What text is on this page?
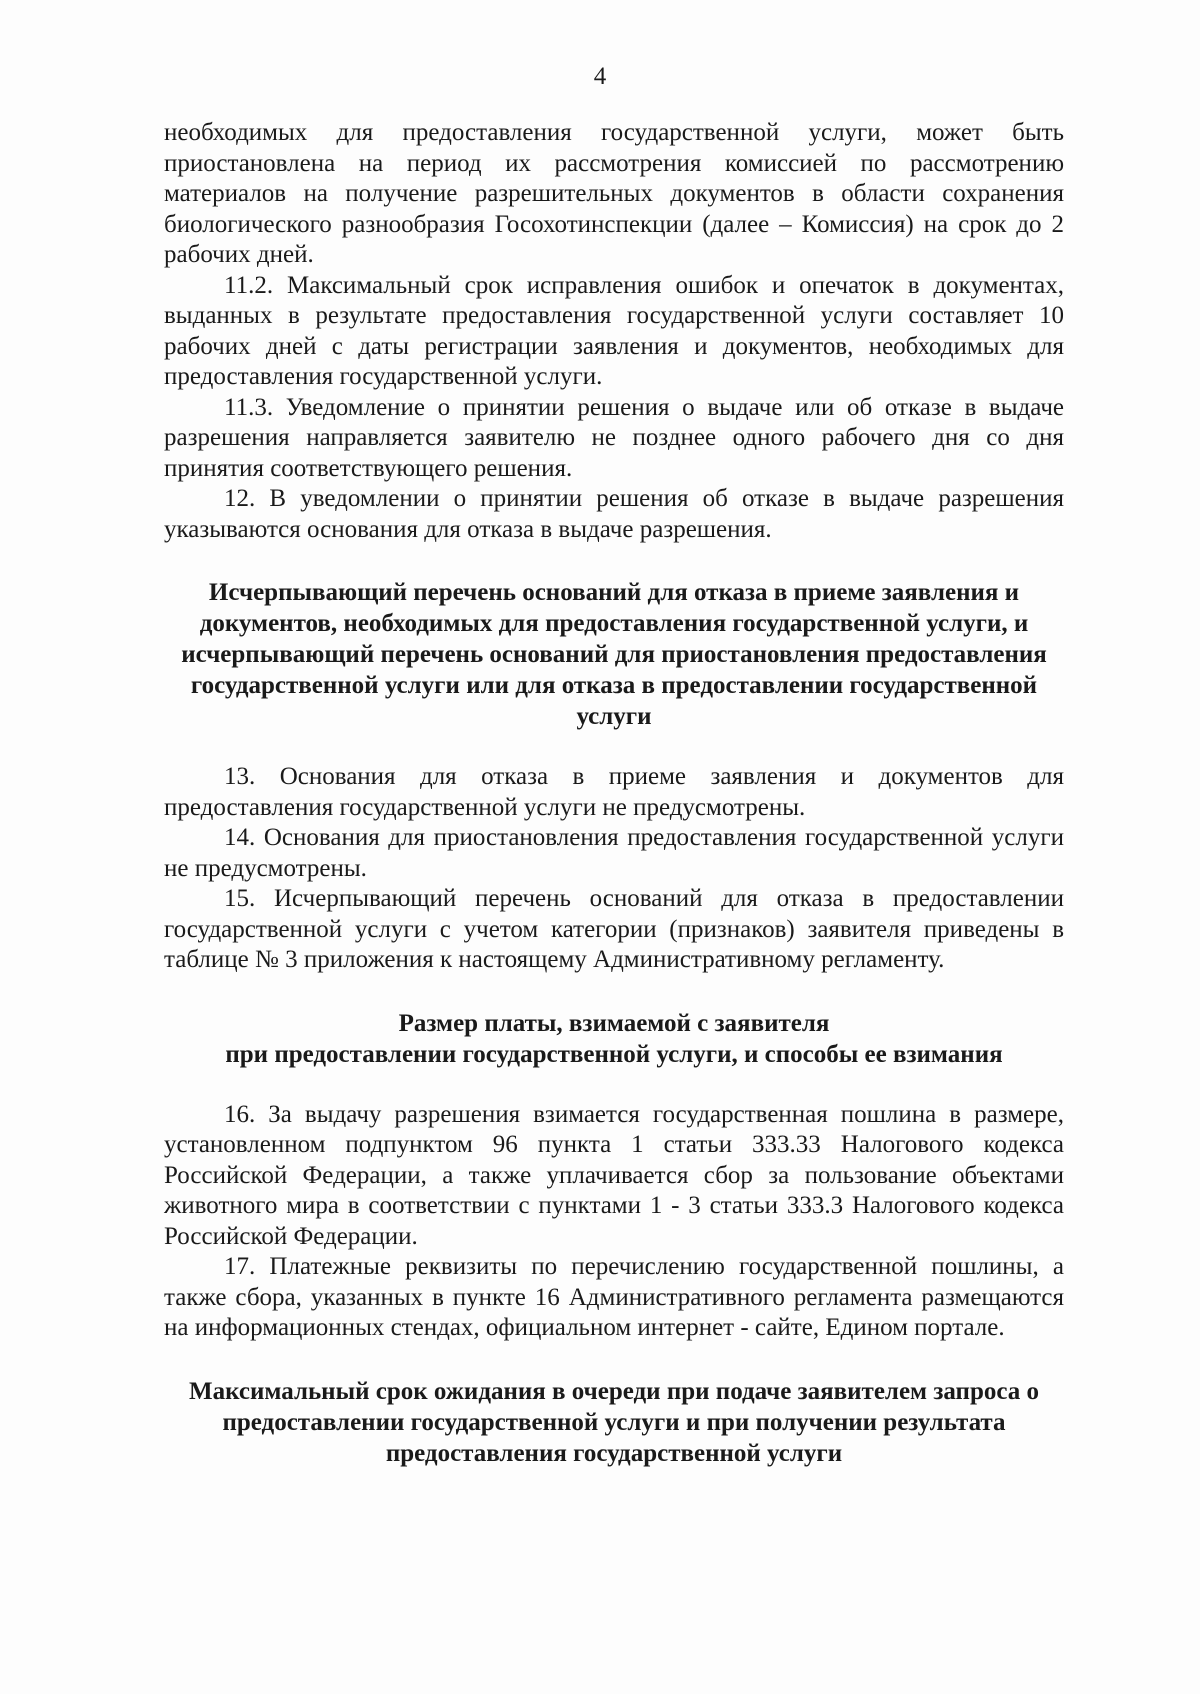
4

необходимых для предоставления государственной услуги, может быть приостановлена на период их рассмотрения комиссией по рассмотрению материалов на получение разрешительных документов в области сохранения биологического разнообразия Госохотинспекции (далее – Комиссия) на срок до 2 рабочих дней.

11.2. Максимальный срок исправления ошибок и опечаток в документах, выданных в результате предоставления государственной услуги составляет 10 рабочих дней с даты регистрации заявления и документов, необходимых для предоставления государственной услуги.

11.3. Уведомление о принятии решения о выдаче или об отказе в выдаче разрешения направляется заявителю не позднее одного рабочего дня со дня принятия соответствующего решения.

12. В уведомлении о принятии решения об отказе в выдаче разрешения указываются основания для отказа в выдаче разрешения.

Исчерпывающий перечень оснований для отказа в приеме заявления и документов, необходимых для предоставления государственной услуги, и исчерпывающий перечень оснований для приостановления предоставления государственной услуги или для отказа в предоставлении государственной услуги

13. Основания для отказа в приеме заявления и документов для предоставления государственной услуги не предусмотрены.

14. Основания для приостановления предоставления государственной услуги не предусмотрены.

15. Исчерпывающий перечень оснований для отказа в предоставлении государственной услуги с учетом категории (признаков) заявителя приведены в таблице № 3 приложения к настоящему Административному регламенту.

Размер платы, взимаемой с заявителя
при предоставлении государственной услуги, и способы ее взимания

16. За выдачу разрешения взимается государственная пошлина в размере, установленном подпунктом 96 пункта 1 статьи 333.33 Налогового кодекса Российской Федерации, а также уплачивается сбор за пользование объектами животного мира в соответствии с пунктами 1 - 3 статьи 333.3 Налогового кодекса Российской Федерации.

17. Платежные реквизиты по перечислению государственной пошлины, а также сбора, указанных в пункте 16 Административного регламента размещаются на информационных стендах, официальном интернет - сайте, Едином портале.

Максимальный срок ожидания в очереди при подаче заявителем запроса о предоставлении государственной услуги и при получении результата предоставления государственной услуги
